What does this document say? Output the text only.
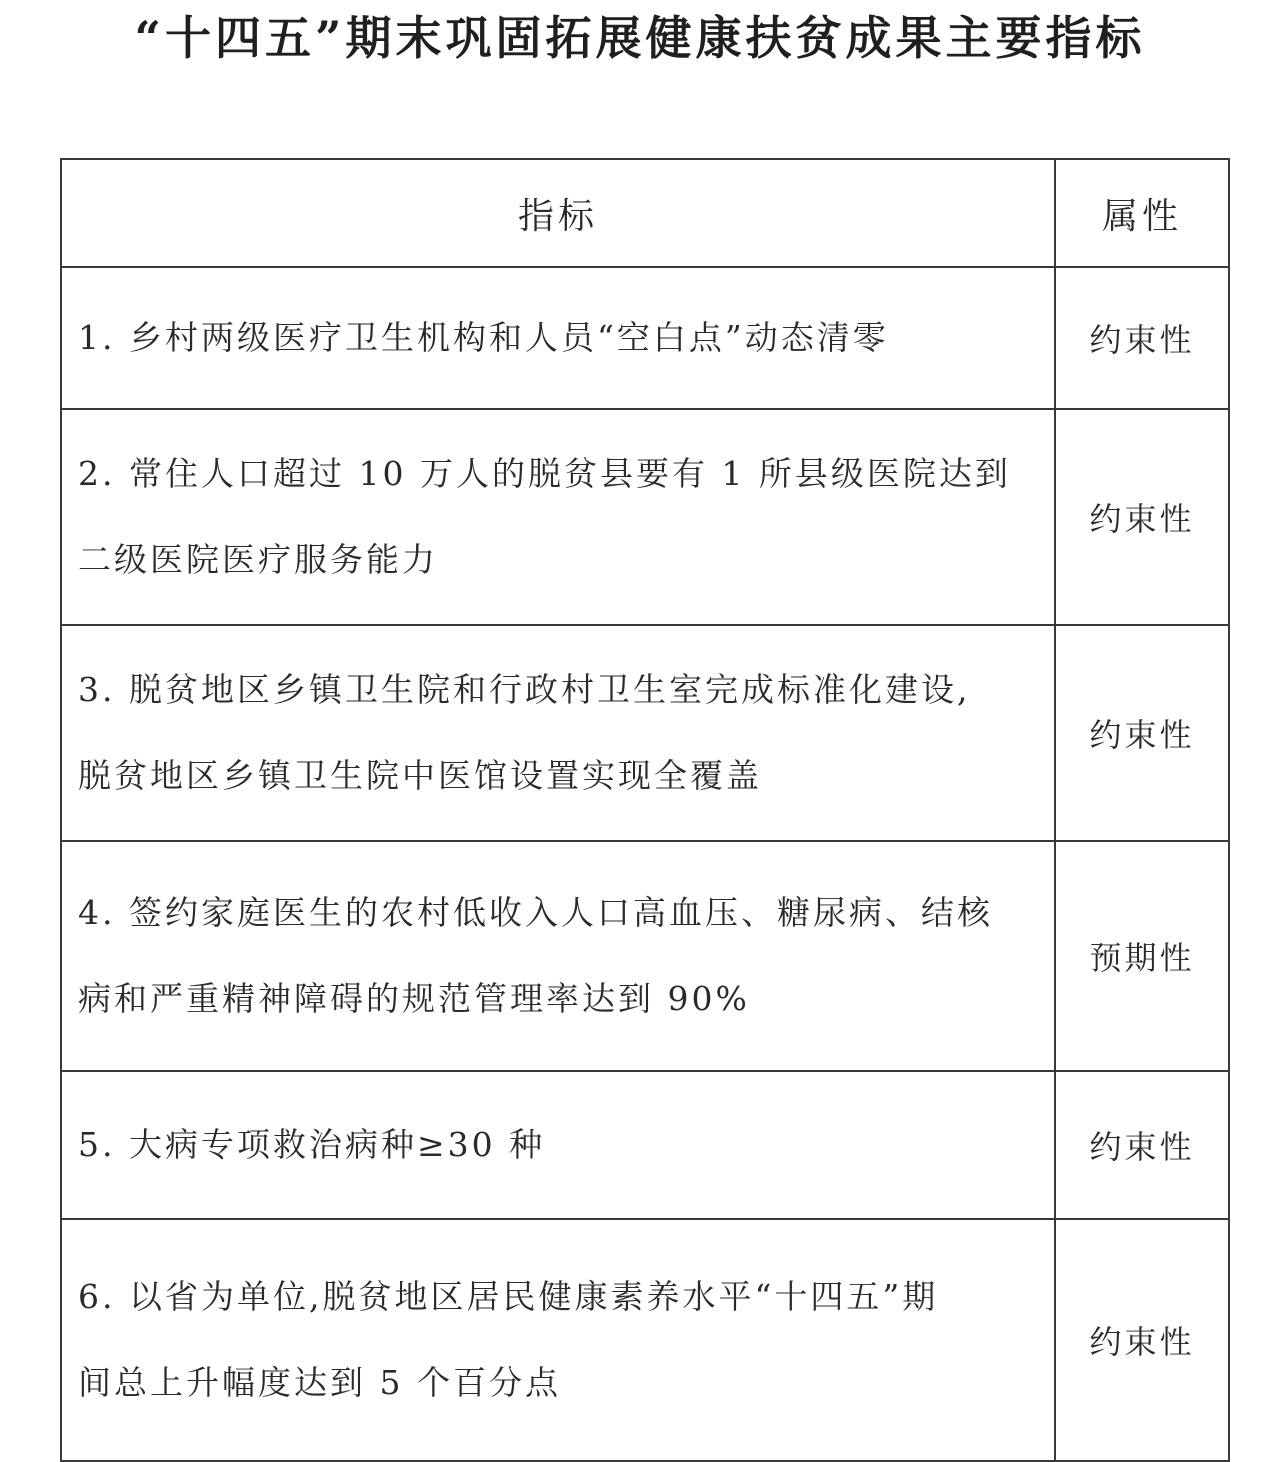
“十四五”期末巩固拓展健康扶贫成果主要指标
指标	属性

1. 乡村两级医疗卫生机构和人员“空白点”动态清零	约束性

2. 常住人口超过 10 万人的脱贫县要有 1 所县级医院达到
二级医院医疗服务能力	约束性

3. 脱贫地区乡镇卫生院和行政村卫生室完成标准化建设,
脱贫地区乡镇卫生院中医馆设置实现全覆盖	约束性

4. 签约家庭医生的农村低收入人口高血压、糖尿病、结核
病和严重精神障碍的规范管理率达到 90%	预期性

5. 大病专项救治病种≥30 种	约束性

6. 以省为单位,脱贫地区居民健康素养水平“十四五”期
间总上升幅度达到 5 个百分点	约束性
